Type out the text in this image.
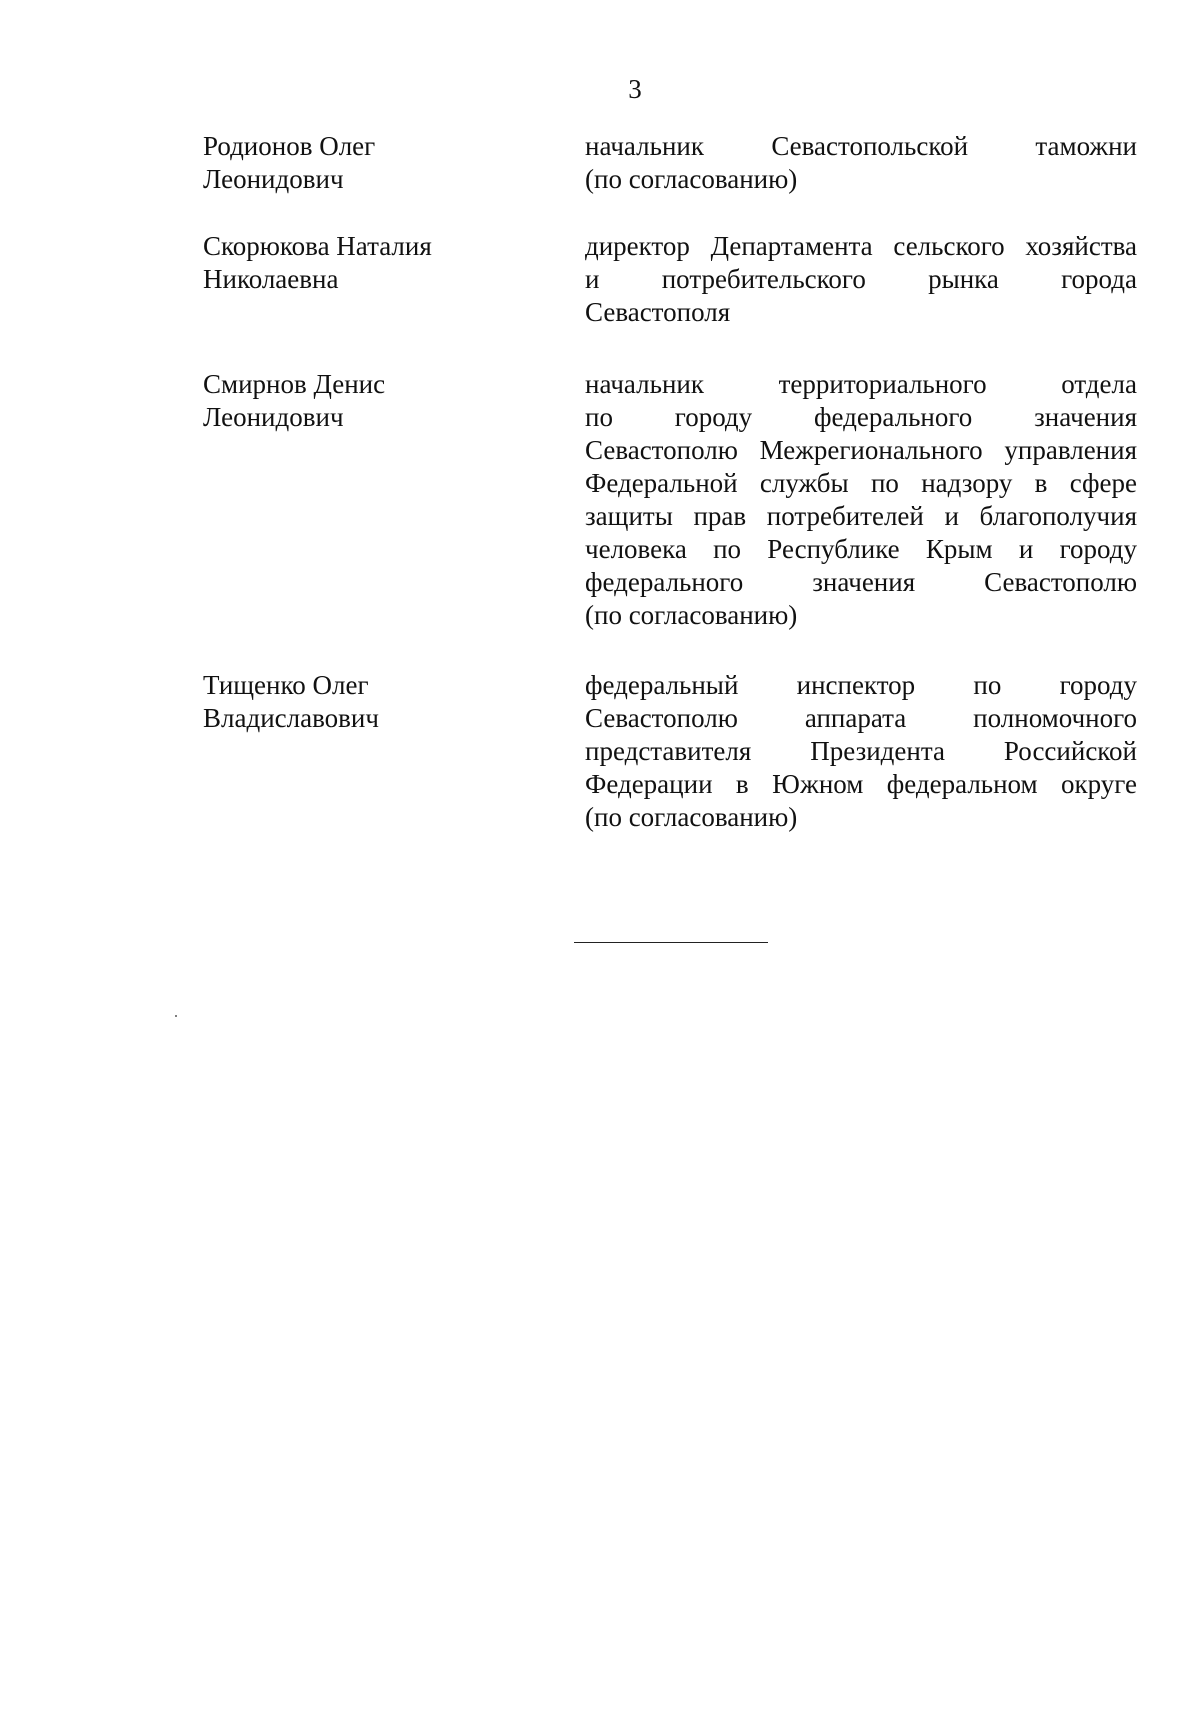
3
Родионов Олег
Леонидович
начальник Севастопольской таможни
(по согласованию)
Скорюкова Наталия
Николаевна
директор Департамента сельского хозяйства
и потребительского рынка города
Севастополя
Смирнов Денис
Леонидович
начальник территориального отдела
по городу федерального значения
Севастополю Межрегионального управления
Федеральной службы по надзору в сфере
защиты прав потребителей и благополучия
человека по Республике Крым и городу
федерального значения Севастополю
(по согласованию)
Тищенко Олег
Владиславович
федеральный инспектор по городу
Севастополю аппарата полномочного
представителя Президента Российской
Федерации в Южном федеральном округе
(по согласованию)
